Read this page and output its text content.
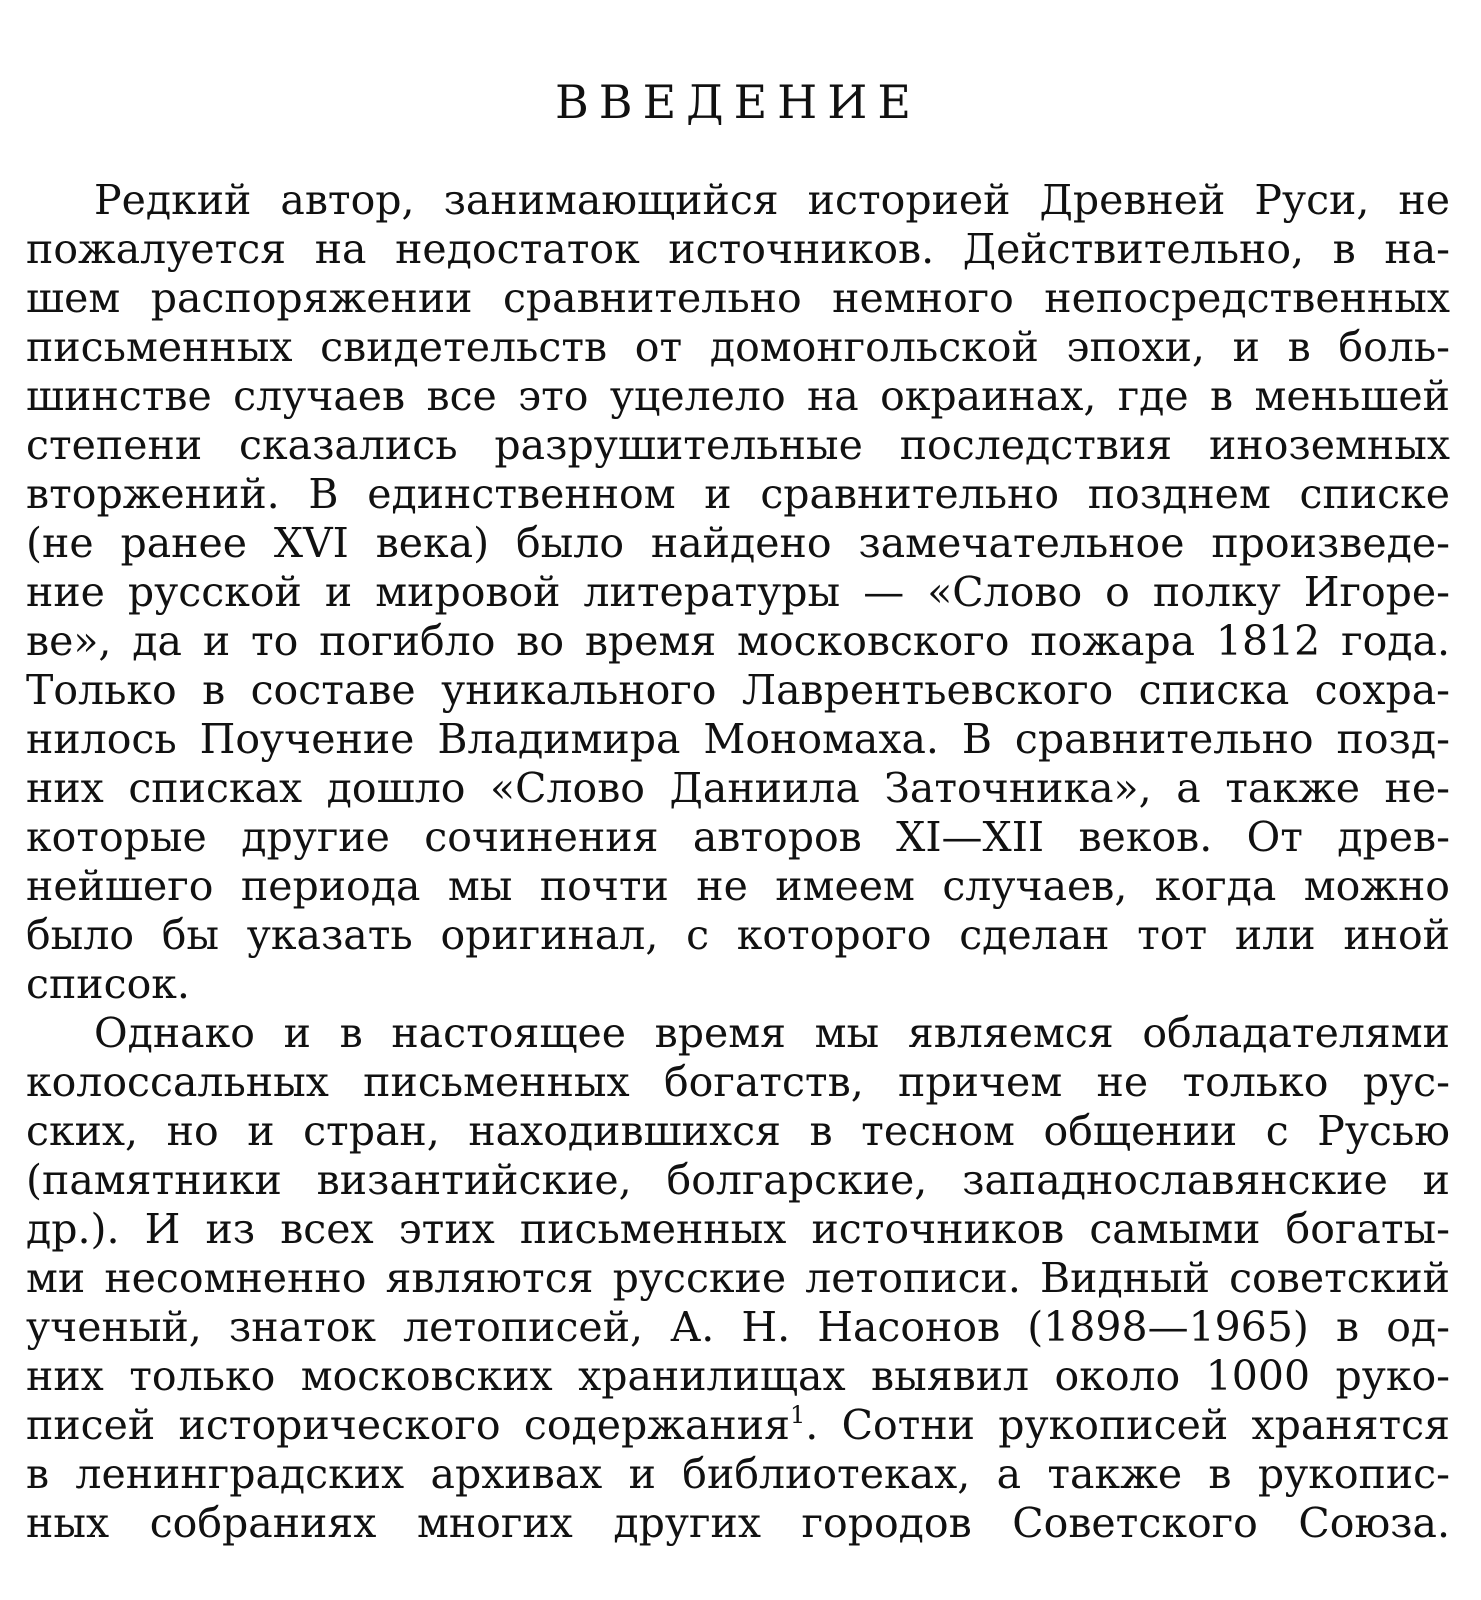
ВВЕДЕНИЕ
Редкий автор, занимающийся историей Древней Руси, не
пожалуется на недостаток источников. Действительно, в на-
шем распоряжении сравнительно немного непосредственных
письменных свидетельств от домонгольской эпохи, и в боль-
шинстве случаев все это уцелело на окраинах, где в меньшей
степени сказались разрушительные последствия иноземных
вторжений. В единственном и сравнительно позднем списке
(не ранее XVI века) было найдено замечательное произведе-
ние русской и мировой литературы — «Слово о полку Игоре-
ве», да и то погибло во время московского пожара 1812 года.
Только в составе уникального Лаврентьевского списка сохра-
нилось Поучение Владимира Мономаха. В сравнительно позд-
них списках дошло «Слово Даниила Заточника», а также не-
которые другие сочинения авторов XI—XII веков. От древ-
нейшего периода мы почти не имеем случаев, когда можно
было бы указать оригинал, с которого сделан тот или иной
список.
Однако и в настоящее время мы являемся обладателями
колоссальных письменных богатств, причем не только рус-
ских, но и стран, находившихся в тесном общении с Русью
(памятники византийские, болгарские, западнославянские и
др.). И из всех этих письменных источников самыми богаты-
ми несомненно являются русские летописи. Видный советский
ученый, знаток летописей, А. Н. Насонов (1898—1965) в од-
них только московских хранилищах выявил около 1000 руко-
писей исторического содержания$^1$. Сотни рукописей хранятся
в ленинградских архивах и библиотеках, а также в рукопис-
ных собраниях многих других городов Советского Союза.
